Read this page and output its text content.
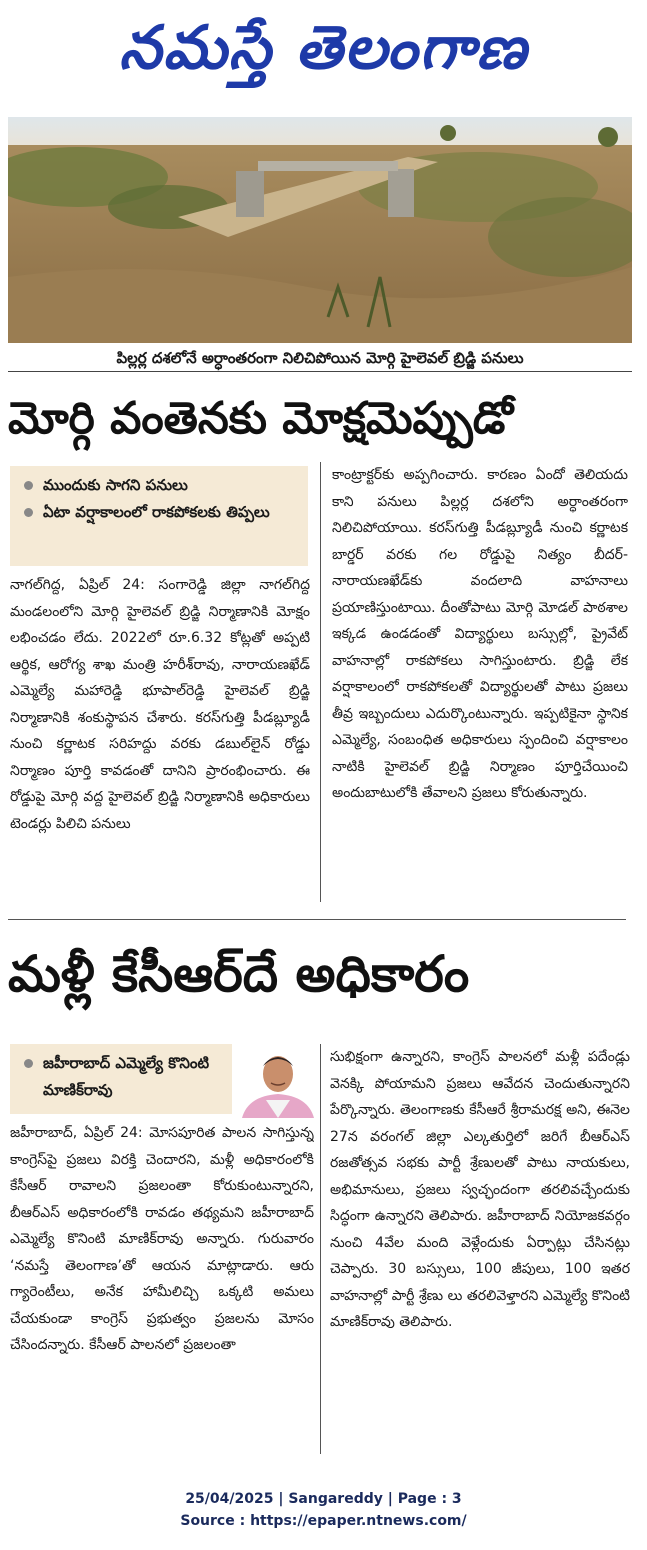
నమస్తే తెలంగాణ
పిల్లర్ల దశలోనే అర్ధాంతరంగా నిలిచిపోయిన మోర్గి హైలెవల్ బ్రిడ్జి పనులు
మోర్గి వంతెనకు మోక్షమెప్పుడో
ముందుకు సాగని పనులు
ఏటా వర్షాకాలంలో రాకపోకలకు తిప్పలు
నాగల్‌గిద్ద, ఏప్రిల్ 24: సంగారెడ్డి జిల్లా నాగల్‌గిద్ద మండలంలోని మోర్గి హైలెవల్ బ్రిడ్జి నిర్మాణానికి మోక్షం లభించడం లేదు. 2022లో రూ.6.32 కోట్లతో అప్పటి ఆర్థిక, ఆరోగ్య శాఖ మంత్రి హరీశ్‌రావు, నారాయణఖేడ్ ఎమ్మెల్యే మహారెడ్డి భూపాల్‌రెడ్డి హైలెవల్ బ్రిడ్జి నిర్మాణానికి శంకుస్థాపన చేశారు. కరస్‌గుత్తి పీడబ్ల్యూడీ నుంచి కర్ణాటక సరిహద్దు వరకు డబుల్‌లైన్ రోడ్డు నిర్మాణం పూర్తి కావడంతో దానిని ప్రారంభించారు. ఈ రోడ్డుపై మోర్గి వద్ద హైలెవల్ బ్రిడ్జి నిర్మాణానికి అధికారులు టెండర్లు పిలిచి పనులు
కాంట్రాక్టర్‌కు అప్పగించారు. కారణం ఏందో తెలియదు కాని పనులు పిల్లర్ల దశలోని అర్ధాంతరంగా నిలిచిపోయాయి. కరస్‌గుత్తి పీడబ్ల్యూడీ నుంచి కర్ణాటక బార్డర్ వరకు గల రోడ్డుపై నిత్యం బీదర్-నారాయణఖేడ్‌కు వందలాది వాహనాలు ప్రయాణిస్తుంటాయి. దీంతోపాటు మోర్గి మోడల్ పాఠశాల ఇక్కడ ఉండడంతో విద్యార్థులు బస్సుల్లో, ప్రైవేట్ వాహనాల్లో రాకపోకలు సాగిస్తుంటారు. బ్రిడ్జి లేక వర్షాకాలంలో రాకపోకలతో విద్యార్థులతో పాటు ప్రజలు తీవ్ర ఇబ్బందులు ఎదుర్కొంటున్నారు. ఇప్పటికైనా స్థానిక ఎమ్మెల్యే, సంబంధిత అధికారులు స్పందించి వర్షాకాలం నాటికి హైలెవల్ బ్రిడ్జి నిర్మాణం పూర్తిచేయించి అందుబాటులోకి తేవాలని ప్రజలు కోరుతున్నారు.
మళ్లీ కేసీఆర్‌దే అధికారం
జహీరాబాద్ ఎమ్మెల్యే కొనింటి మాణిక్‌రావు
జహీరాబాద్, ఏప్రిల్ 24: మోసపూరిత పాలన సాగిస్తున్న కాంగ్రెస్‌పై ప్రజలు విరక్తి చెందారని, మళ్లీ అధికారంలోకి కేసీఆర్ రావాలని ప్రజలంతా కోరుకుంటున్నారని, బీఆర్‌ఎస్ అధికారంలోకి రావడం తథ్యమని జహీరాబాద్ ఎమ్మెల్యే కొనింటి మాణిక్‌రావు అన్నారు. గురువారం ‘నమస్తే తెలంగాణ’తో ఆయన మాట్లాడారు. ఆరు గ్యారెంటీలు, అనేక హామీలిచ్చి ఒక్కటి అమలు చేయకుండా కాంగ్రెస్ ప్రభుత్వం ప్రజలను మోసం చేసిందన్నారు. కేసీఆర్ పాలనలో ప్రజలంతా
సుభిక్షంగా ఉన్నారని, కాంగ్రెస్ పాలనలో మళ్లీ పదేండ్లు వెనక్కి పోయామని ప్రజలు ఆవేదన చెందుతున్నారని పేర్కొన్నారు. తెలంగాణకు కేసీఆరే శ్రీరామరక్ష అని, ఈనెల 27న వరంగల్ జిల్లా ఎల్కతుర్తిలో జరిగే బీఆర్‌ఎస్ రజతోత్సవ సభకు పార్టీ శ్రేణులతో పాటు నాయకులు, అభిమానులు, ప్రజలు స్వచ్ఛందంగా తరలివచ్చేందుకు సిద్ధంగా ఉన్నారని తెలిపారు. జహీరాబాద్ నియోజకవర్గం నుంచి 4వేల మంది వెళ్లేందుకు ఏర్పాట్లు చేసినట్లు చెప్పారు. 30 బస్సులు, 100 జీపులు, 100 ఇతర వాహనాల్లో పార్టీ శ్రేణు లు తరలివెళ్తారని ఎమ్మెల్యే కొనింటి మాణిక్‌రావు తెలిపారు.
25/04/2025 | Sangareddy | Page : 3
Source : https://epaper.ntnews.com/
